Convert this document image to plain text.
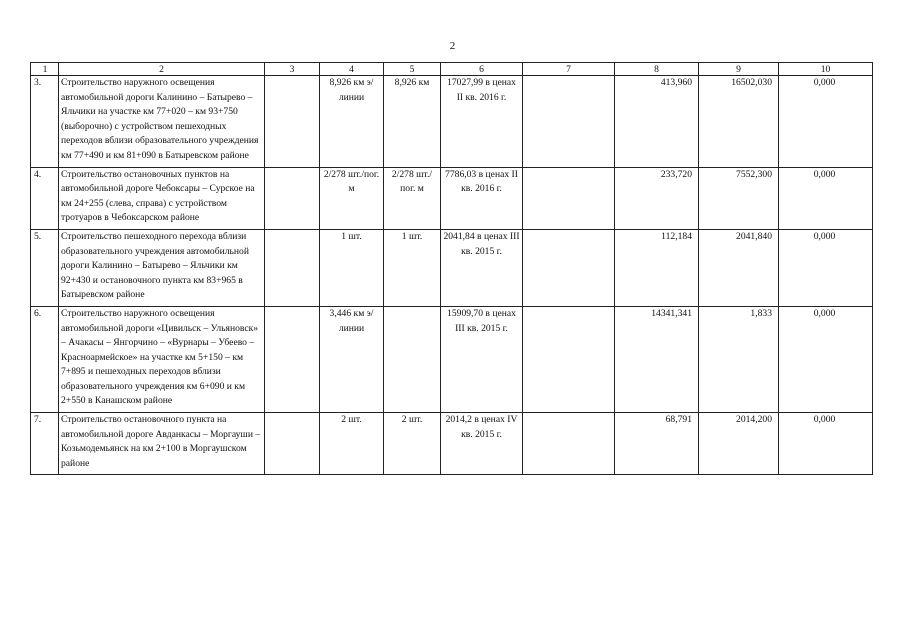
2
1	2	3	4	5	6	7	8	9	10
3.	Строительство наружного освещения автомобильной дороги Калинино – Батырево – Яльчики на участке км 77+020 – км 93+750 (выборочно) с устройством пешеходных переходов вблизи образовательного учреждения км 77+490 и км 81+090 в Батыревском районе		8,926 км э/линии	8,926 км	17027,99 в ценах II кв. 2016 г.		413,960	16502,030	0,000
4.	Строительство остановочных пунктов на автомобильной дороге Чебоксары – Сурское на км 24+255 (слева, справа) с устройством тротуаров в Чебоксарском районе		2/278 шт./пог. м	2/278 шт./пог. м	7786,03 в ценах II кв. 2016 г.		233,720	7552,300	0,000
5.	Строительство пешеходного перехода вблизи образовательного учреждения автомобильной дороги Калинино – Батырево – Яльчики км 92+430 и остановочного пункта км 83+965 в Батыревском районе		1 шт.	1 шт.	2041,84 в ценах III кв. 2015 г.		112,184	2041,840	0,000
6.	Строительство наружного освещения автомобильной дороги «Цивильск – Ульяновск» – Ачакасы – Янгорчино – «Вурнары – Убеево – Красноармейское» на участке км 5+150 – км 7+895 и пешеходных переходов вблизи образовательного учреждения км 6+090 и км 2+550 в Канашском районе		3,446 км э/линии		15909,70 в ценах III кв. 2015 г.		14341,341	1,833	0,000
7.	Строительство остановочного пункта на автомобильной дороге Авданкасы – Моргауши – Козьмодемьянск на км 2+100 в Моргаушском районе		2 шт.	2 шт.	2014,2 в ценах IV кв. 2015 г.		68,791	2014,200	0,000
